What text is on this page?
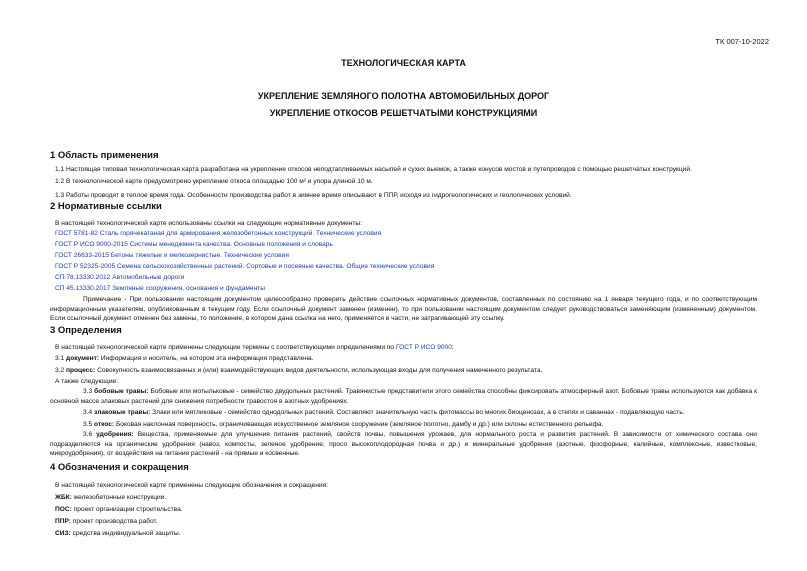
ТК 007-10-2022
ТЕХНОЛОГИЧЕСКАЯ КАРТА
УКРЕПЛЕНИЕ ЗЕМЛЯНОГО ПОЛОТНА АВТОМОБИЛЬНЫХ ДОРОГ
УКРЕПЛЕНИЕ ОТКОСОВ РЕШЕТЧАТЫМИ КОНСТРУКЦИЯМИ
1 Область применения
1.1 Настоящая типовая технологическая карта разработана на укрепление откосов неподтапливаемых насыпей и сухих выемок, а также конусов мостов и путепроводов с помощью решетчатых конструкций.
1.2 В технологической карте предусмотрено укрепление откоса площадью 100 м² и упора длиной 10 м.
1.3 Работы проводят в теплое время года. Особенности производства работ в зимнее время описывают в ППР, исходя из гидрогеологических и геологических условий.
2 Нормативные ссылки
В настоящей технологической карте использованы ссылки на следующие нормативные документы:
ГОСТ 5781-82 Сталь горячекатаная для армирования железобетонных конструкций. Технические условия
ГОСТ Р ИСО 9000-2015 Системы менеджмента качества. Основные положения и словарь
ГОСТ 26633-2015 Бетоны тяжелые и мелкозернистые. Технические условия
ГОСТ Р 52325-2005 Семена сельскохозяйственных растений. Сортовые и посевные качества. Общие технические условия
СП 78.13330.2012 Автомобильные дороги
СП 45.13330.2017 Земляные сооружения, основания и фундаменты
Примечание - При пользовании настоящим документом целесообразно проверить действие ссылочных нормативных документов, составленных по состоянию на 1 января текущего года, и по соответствующим информационным указателям, опубликованным в текущем году. Если ссылочный документ заменен (изменен), то при пользовании настоящим документом следует руководствоваться заменяющим (измененным) документом. Если ссылочный документ отменен без замены, то положение, в котором дана ссылка на него, применяется в части, не затрагивающей эту ссылку.
3 Определения
В настоящей технологической карте применены следующие термины с соответствующими определениями по ГОСТ Р ИСО 9000:
3.1 документ: Информация и носитель, на котором эта информация представлена.
3.2 процесс: Совокупность взаимосвязанных и (или) взаимодействующих видов деятельности, использующая входы для получения намеченного результата.
А также следующие:
3.3 бобовые травы: Бобовые или мотыльковые - семейство двудольных растений. Травянистые представители этого семейства способны фиксировать атмосферный азот. Бобовые травы используются как добавка к основной массе злаковых растений для снижения потребности травостоя в азотных удобрениях.
3.4 злаковые травы: Злаки или мятликовые - семейство однодольных растений. Составляют значительную часть фитомассы во многих биоценозах, а в степях и саваннах - подавляющую часть.
3.5 откос: Боковая наклонная поверхность, ограничивающая искусственное земляное сооружение (земляное полотно, дамбу и др.) или склоны естественного рельефа.
3.6 удобрения: Вещества, применяемые для улучшения питания растений, свойств почвы, повышения урожаев, для нормального роста и развития растений. В зависимости от химического состава они подразделяются на органические удобрения (навоз, компосты, зеленое удобрение, просо высокоплодородная почва и др.) и минеральные удобрения (азотные, фосфорные, калийные, комплексные, известковые, микроудобрения), от воздействия на питание растений - на прямые и косвенные.
4 Обозначения и сокращения
В настоящей технологической карте применены следующие обозначения и сокращения:
ЖБК: железобетонные конструкции.
ПОС: проект организации строительства.
ППР: проект производства работ.
СИЗ: средства индивидуальной защиты.
